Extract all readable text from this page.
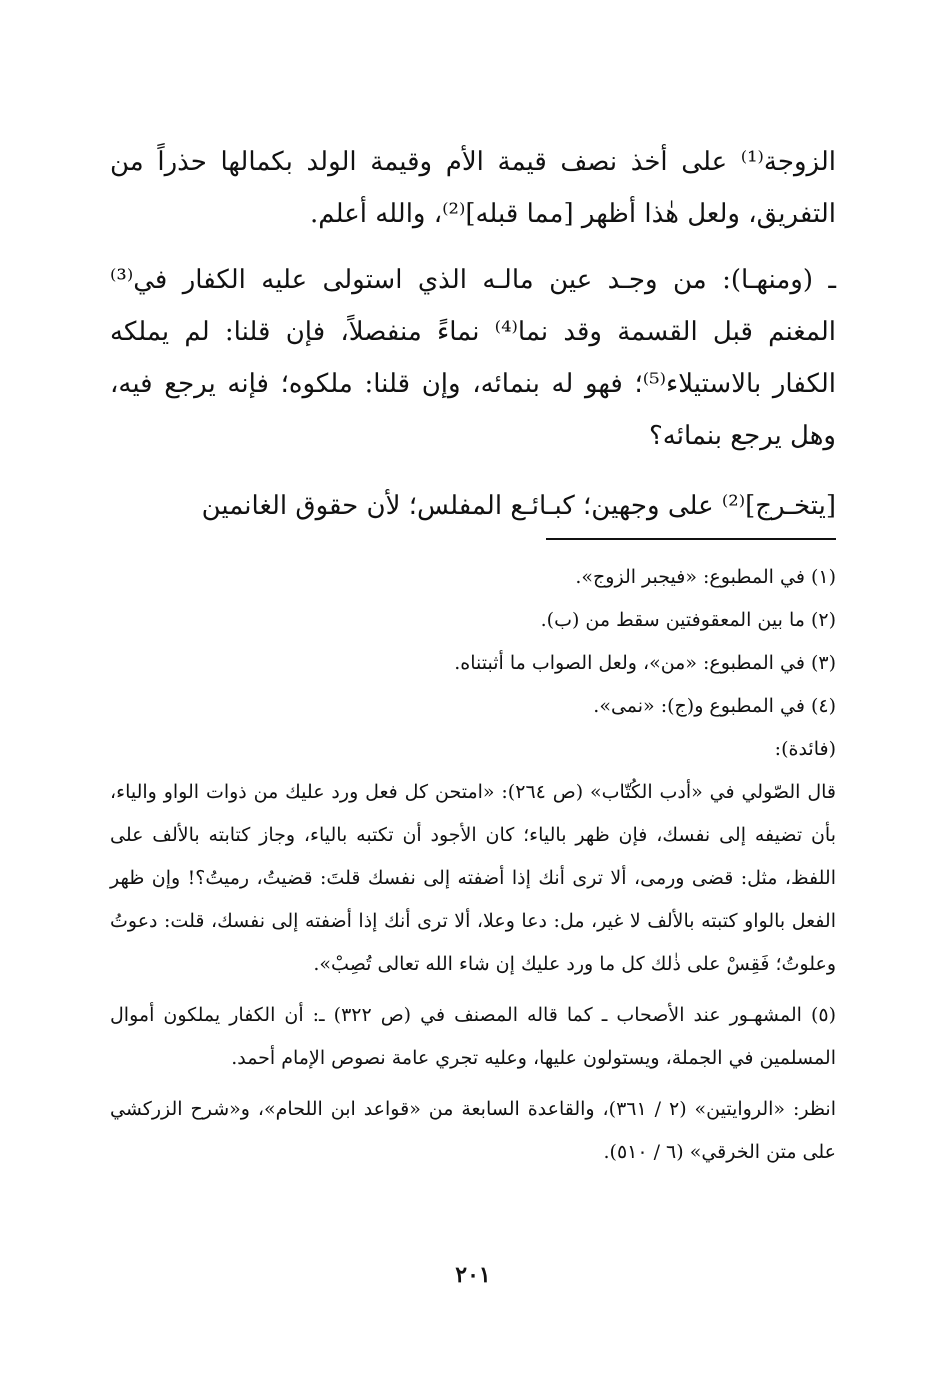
الزوجة⁽¹⁾ على أخذ نصف قيمة الأم وقيمة الولد بكمالها حذراً من التفريق، ولعل هٰذا أظهر [مما قبله]⁽²⁾، والله أعلم.

ـ (ومنهـا): من وجـد عين مالـه الذي استولى عليه الكفار في⁽³⁾ المغنم قبل القسمة وقد نما⁽⁴⁾ نماءً منفصلاً، فإن قلنا: لم يملكه الكفار بالاستيلاء⁽⁵⁾؛ فهو له بنمائه، وإن قلنا: ملكوه؛ فإنه يرجع فيه، وهل يرجع بنمائه؟

[يتخـرج]⁽²⁾ على وجهين؛ كبـائـع المفلس؛ لأن حقوق الغانمين

(١) في المطبوع: «فيجبر الزوج».

(٢) ما بين المعقوفتين سقط من (ب).

(٣) في المطبوع: «من»، ولعل الصواب ما أثبتناه.

(٤) في المطبوع و(ج): «نمى».

(فائدة):

قال الصّولي في «أدب الكُتّاب» (ص ٢٦٤): «امتحن كل فعل ورد عليك من ذوات الواو والياء، بأن تضيفه إلى نفسك، فإن ظهر بالياء؛ كان الأجود أن تكتبه بالياء، وجاز كتابته بالألف على اللفظ، مثل: قضى ورمى، ألا ترى أنك إذا أضفته إلى نفسك قلتَ: قضيتُ، رميتُ؟! وإن ظهر الفعل بالواو كتبته بالألف لا غير، مل: دعا وعلا، ألا ترى أنك إذا أضفته إلى نفسك، قلت: دعوتُ وعلوتُ؛ فَقِسْ على ذٰلك كل ما ورد عليك إن شاء الله تعالى تُصِبْ».

(٥) المشهـور عند الأصحاب ـ كما قاله المصنف في (ص ٣٢٢) ـ: أن الكفار يملكون أموال المسلمين في الجملة، ويستولون عليها، وعليه تجري عامة نصوص الإمام أحمد.

انظر: «الروايتين» (٢ / ٣٦١)، والقاعدة السابعة من «قواعد ابن اللحام»، و«شرح الزركشي على متن الخرقي» (٦ / ٥١٠).

٢٠١
